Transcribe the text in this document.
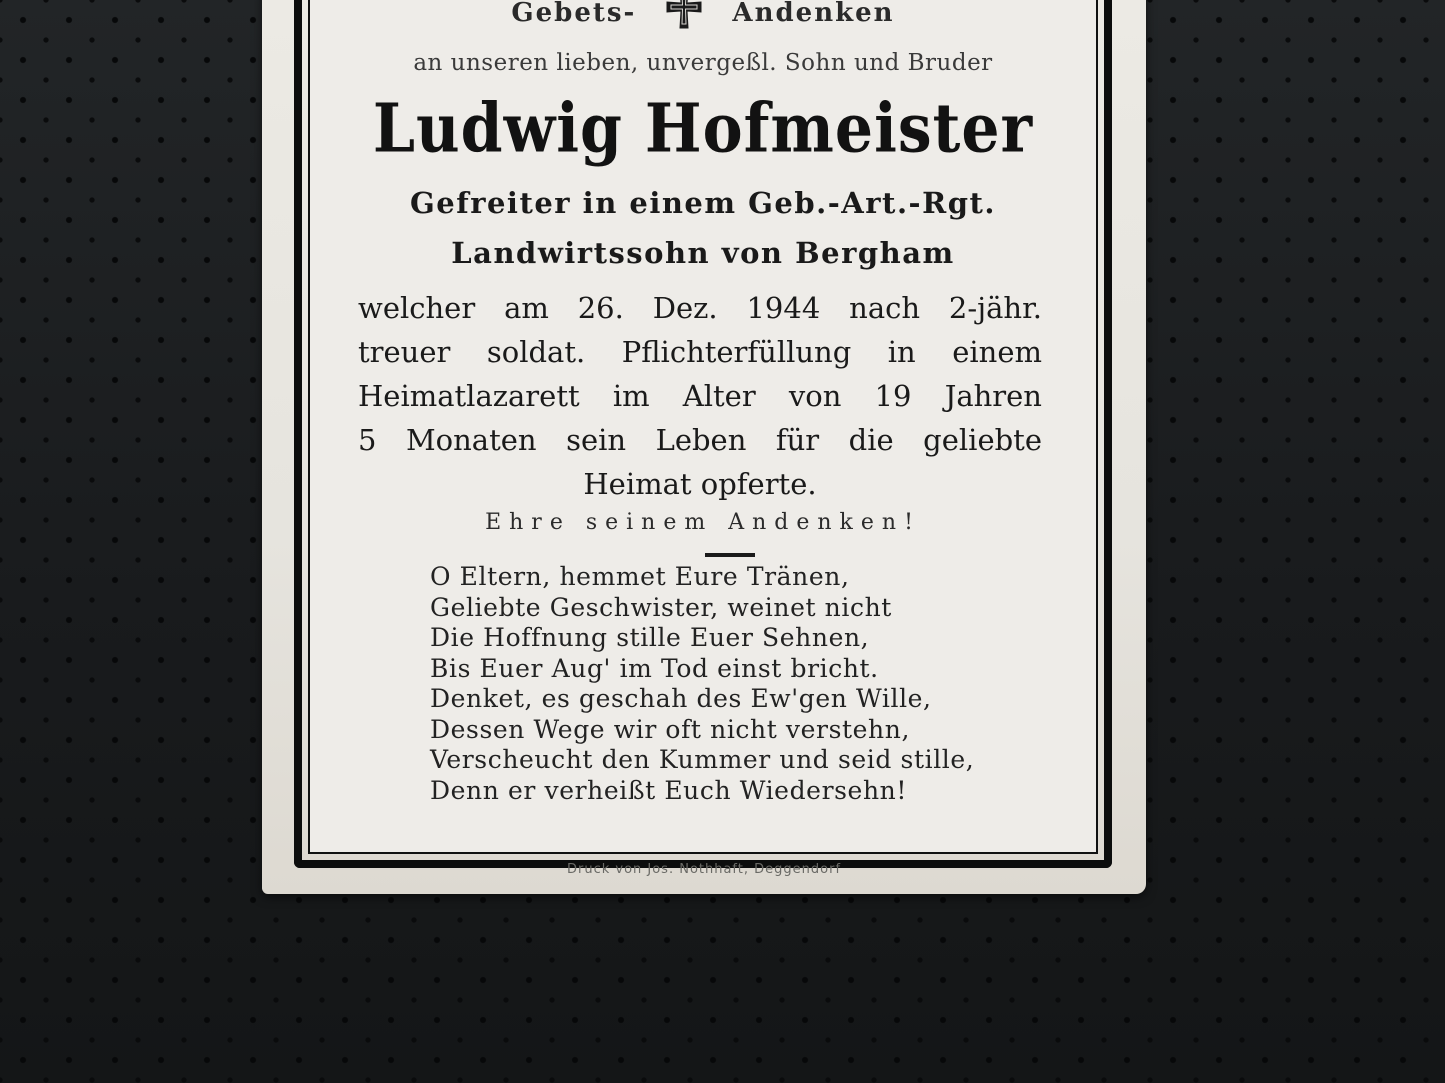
Gebets-	Andenken
an unseren lieben, unvergeßl. Sohn und Bruder
Ludwig Hofmeister
Gefreiter in einem Geb.-Art.-Rgt.
Landwirtssohn von Bergham
welcher am 26. Dez. 1944 nach 2-jähr.
treuer soldat. Pflichterfüllung in einem
Heimatlazarett im Alter von 19 Jahren
5 Monaten sein Leben für die geliebte
Heimat opferte.
Ehre seinem Andenken!
O Eltern, hemmet Eure Tränen,
Geliebte Geschwister, weinet nicht
Die Hoffnung stille Euer Sehnen,
Bis Euer Aug' im Tod einst bricht.
Denket, es geschah des Ew'gen Wille,
Dessen Wege wir oft nicht verstehn,
Verscheucht den Kummer und seid stille,
Denn er verheißt Euch Wiedersehn!
Druck von Jos. Nothhaft, Deggendorf
